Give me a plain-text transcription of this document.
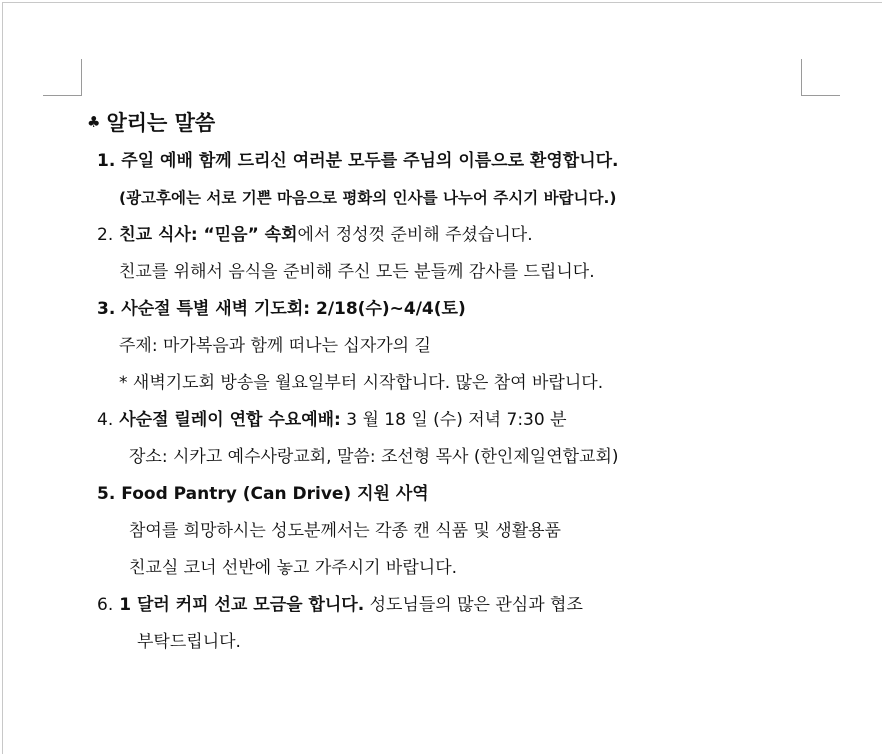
♣ 알리는 말씀
1. 주일 예배 함께 드리신 여러분 모두를 주님의 이름으로 환영합니다.
(광고후에는 서로 기쁜 마음으로 평화의 인사를 나누어 주시기 바랍니다.)
2. 친교 식사: “믿음” 속회에서 정성껏 준비해 주셨습니다.
친교를 위해서 음식을 준비해 주신 모든 분들께 감사를 드립니다.
3. 사순절 특별 새벽 기도회: 2/18(수)~4/4(토)
주제: 마가복음과 함께 떠나는 십자가의 길
* 새벽기도회 방송을 월요일부터 시작합니다. 많은 참여 바랍니다.
4. 사순절 릴레이 연합 수요예배: 3 월 18 일 (수) 저녁 7:30 분
장소: 시카고 예수사랑교회, 말씀: 조선형 목사 (한인제일연합교회)
5. Food Pantry (Can Drive) 지원 사역
참여를 희망하시는 성도분께서는 각종 캔 식품 및 생활용품
친교실 코너 선반에 놓고 가주시기 바랍니다.
6. 1 달러 커피 선교 모금을 합니다. 성도님들의 많은 관심과 협조
부탁드립니다.
